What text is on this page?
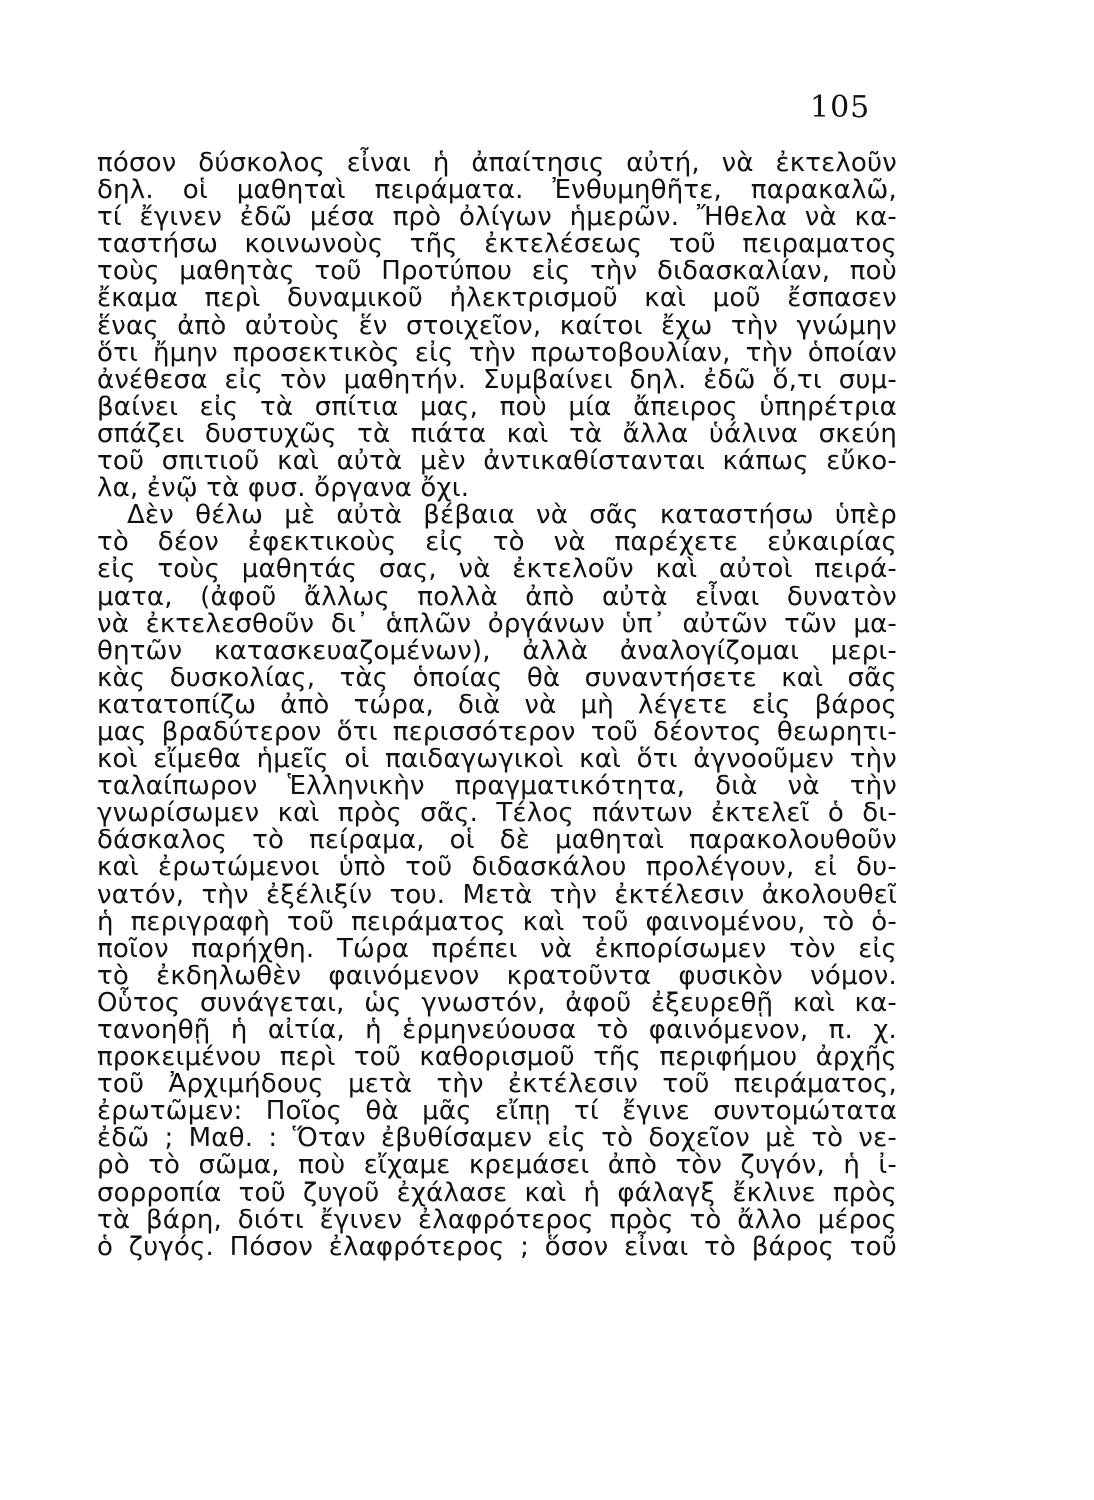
105
πόσον δύσκολος εἶναι ἡ ἀπαίτησις αὐτή, νὰ ἐκτελοῦν
δηλ. οἱ μαθηταὶ πειράματα. Ἐνθυμηθῆτε, παρακαλῶ,
τί ἔγινεν ἐδῶ μέσα πρὸ ὀλίγων ἡμερῶν. Ἤθελα νὰ κα-
ταστήσω κοινωνοὺς τῆς ἐκτελέσεως τοῦ πειραματος
τοὺς μαθητὰς τοῦ Προτύπου εἰς τὴν διδασκαλίαν, ποὺ
ἔκαμα περὶ δυναμικοῦ ἠλεκτρισμοῦ καὶ μοῦ ἔσπασεν
ἕνας ἀπὸ αὐτοὺς ἕν στοιχεῖον, καίτοι ἔχω τὴν γνώμην
ὅτι ἤμην προσεκτικὸς εἰς τὴν πρωτοβουλίαν, τὴν ὁποίαν
ἀνέθεσα εἰς τὸν μαθητήν. Συμβαίνει δηλ. ἐδῶ ὅ,τι συμ-
βαίνει εἰς τὰ σπίτια μας, ποὺ μία ἄπειρος ὑπηρέτρια
σπάζει δυστυχῶς τὰ πιάτα καὶ τὰ ἄλλα ὑάλινα σκεύη
τοῦ σπιτιοῦ καὶ αὐτὰ μὲν ἀντικαθίστανται κάπως εὔκο-
λα, ἐνῷ τὰ φυσ. ὄργανα ὄχι.
Δὲν θέλω μὲ αὐτὰ βέβαια νὰ σᾶς καταστήσω ὑπὲρ
τὸ δέον ἐφεκτικοὺς εἰς τὸ νὰ παρέχετε εὐκαιρίας
εἰς τοὺς μαθητάς σας, νὰ ἐκτελοῦν καὶ αὐτοὶ πειρά-
ματα, (ἀφοῦ ἄλλως πολλὰ ἀπὸ αὐτὰ εἶναι δυνατὸν
νὰ ἐκτελεσθοῦν δι᾽ ἁπλῶν ὀργάνων ὑπ᾽ αὐτῶν τῶν μα-
θητῶν κατασκευαζομένων), ἀλλὰ ἀναλογίζομαι μερι-
κὰς δυσκολίας, τὰς ὁποίας θὰ συναντήσετε καὶ σᾶς
κατατοπίζω ἀπὸ τώρα, διὰ νὰ μὴ λέγετε εἰς βάρος
μας βραδύτερον ὅτι περισσότερον τοῦ δέοντος θεωρητι-
κοὶ εἴμεθα ἡμεῖς οἱ παιδαγωγικοὶ καὶ ὅτι ἀγνοοῦμεν τὴν
ταλαίπωρον Ἑλληνικὴν πραγματικότητα, διὰ νὰ τὴν
γνωρίσωμεν καὶ πρὸς σᾶς. Τέλος πάντων ἐκτελεῖ ὁ δι-
δάσκαλος τὸ πείραμα, οἱ δὲ μαθηταὶ παρακολουθοῦν
καὶ ἐρωτώμενοι ὑπὸ τοῦ διδασκάλου προλέγουν, εἰ δυ-
νατόν, τὴν ἐξέλιξίν του. Μετὰ τὴν ἐκτέλεσιν ἀκολουθεῖ
ἡ περιγραφὴ τοῦ πειράματος καὶ τοῦ φαινομένου, τὸ ὁ-
ποῖον παρήχθη. Τώρα πρέπει νὰ ἐκπορίσωμεν τὸν εἰς
τὸ ἐκδηλωθὲν φαινόμενον κρατοῦντα φυσικὸν νόμον.
Οὗτος συνάγεται, ὡς γνωστόν, ἀφοῦ ἐξευρεθῇ καὶ κα-
τανοηθῇ ἡ αἰτία, ἡ ἑρμηνεύουσα τὸ φαινόμενον, π. χ.
προκειμένου περὶ τοῦ καθορισμοῦ τῆς περιφήμου ἀρχῆς
τοῦ Ἀρχιμήδους μετὰ τὴν ἐκτέλεσιν τοῦ πειράματος,
ἐρωτῶμεν: Ποῖος θὰ μᾶς εἴπῃ τί ἔγινε συντομώτατα
ἐδῶ ; Μαθ. : Ὅταν ἐβυθίσαμεν εἰς τὸ δοχεῖον μὲ τὸ νε-
ρὸ τὸ σῶμα, ποὺ εἴχαμε κρεμάσει ἀπὸ τὸν ζυγόν, ἡ ἰ-
σορροπία τοῦ ζυγοῦ ἐχάλασε καὶ ἡ φάλαγξ ἔκλινε πρὸς
τὰ βάρη, διότι ἔγινεν ἐλαφρότερος πρὸς τὸ ἄλλο μέρος
ὁ ζυγός. Πόσον ἐλαφρότερος ; ὅσον εἶναι τὸ βάρος τοῦ
